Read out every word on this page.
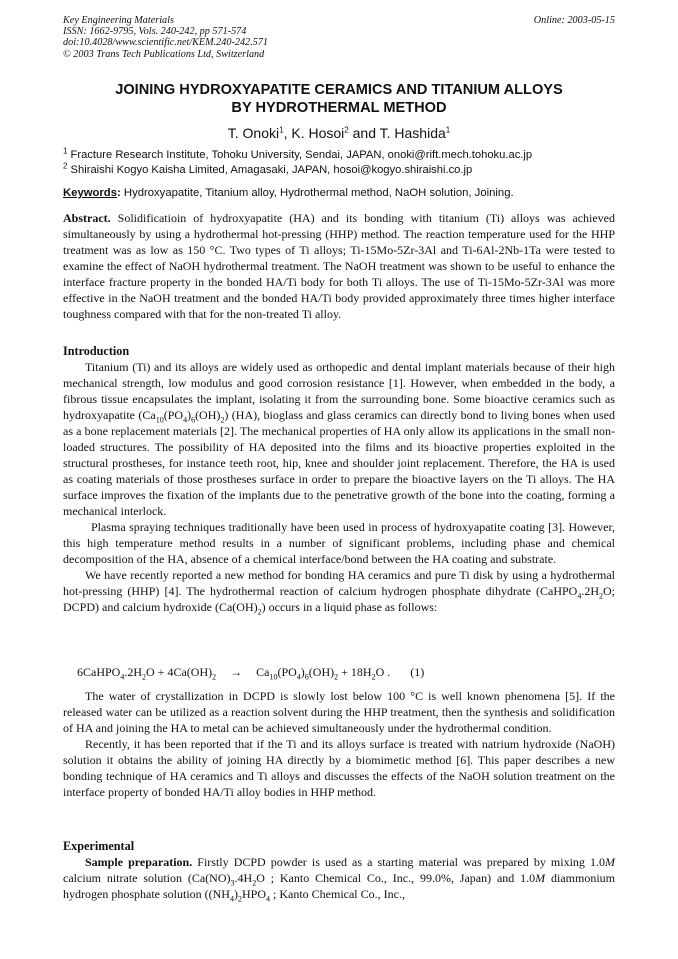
Key Engineering Materials
ISSN: 1662-9795, Vols. 240-242, pp 571-574
doi:10.4028/www.scientific.net/KEM.240-242.571
© 2003 Trans Tech Publications Ltd, Switzerland
Online: 2003-05-15
JOINING HYDROXYAPATITE CERAMICS AND TITANIUM ALLOYS
BY HYDROTHERMAL METHOD
T. Onoki$^1$, K. Hosoi$^2$ and T. Hashida$^1$
$^1$ Fracture Research Institute, Tohoku University, Sendai, JAPAN, onoki@rift.mech.tohoku.ac.jp
$^2$ Shiraishi Kogyo Kaisha Limited, Amagasaki, JAPAN, hosoi@kogyo.shiraishi.co.jp
Keywords: Hydroxyapatite, Titanium alloy, Hydrothermal method, NaOH solution, Joining.

Abstract. Solidificatioin of hydroxyapatite (HA) and its bonding with titanium (Ti) alloys was achieved simultaneously by using a hydrothermal hot-pressing (HHP) method. The reaction temperature used for the HHP treatment was as low as 150 °C. Two types of Ti alloys; Ti-15Mo-5Zr-3Al and Ti-6Al-2Nb-1Ta were tested to examine the effect of NaOH hydrothermal treatment. The NaOH treatment was shown to be useful to enhance the interface fracture property in the bonded HA/Ti body for both Ti alloys. The use of Ti-15Mo-5Zr-3Al was more effective in the NaOH treatment and the bonded HA/Ti body provided approximately three times higher interface toughness compared with that for the non-treated Ti alloy.

Introduction

Titanium (Ti) and its alloys are widely used as orthopedic and dental implant materials because of their high mechanical strength, low modulus and good corrosion resistance [1]. However, when embedded in the body, a fibrous tissue encapsulates the implant, isolating it from the surrounding bone. Some bioactive ceramics such as hydroxyapatite $(Ca_{10}(PO_4)_6(OH)_2)$ (HA), bioglass and glass ceramics can directly bond to living bones when used as a bone replacement materials [2]. The mechanical properties of HA only allow its applications in the small non-loaded structures. The possibility of HA deposited into the films and its bioactive properties exploited in the structural prostheses, for instance teeth root, hip, knee and shoulder joint replacement. Therefore, the HA is used as coating materials of those prostheses surface in order to prepare the bioactive layers on the Ti alloys. The HA surface improves the fixation of the implants due to the penetrative growth of the bone into the coating, forming a mechanical interlock.

Plasma spraying techniques traditionally have been used in process of hydroxyapatite coating [3]. However, this high temperature method results in a number of significant problems, including phase and chemical decomposition of the HA, absence of a chemical interface/bond between the HA coating and substrate.

We have recently reported a new method for bonding HA ceramics and pure Ti disk by using a hydrothermal hot-pressing (HHP) [4]. The hydrothermal reaction of calcium hydrogen phosphate dihydrate ($CaHPO_4.2H_2O$; DCPD) and calcium hydroxide $(Ca(OH)_2)$ occurs in a liquid phase as follows:

$6CaHPO_4.2H_2O + 4Ca(OH)_2 \to Ca_{10}(PO_4)_6(OH)_2 + 18H_2O$ . (1)

The water of crystallization in DCPD is slowly lost below 100 °C is well known phenomena [5]. If the released water can be utilized as a reaction solvent during the HHP treatment, then the synthesis and solidification of HA and joining the HA to metal can be achieved simultaneously under the hydrothermal condition.

Recently, it has been reported that if the Ti and its alloys surface is treated with natrium hydroxide (NaOH) solution it obtains the ability of joining HA directly by a biomimetic method [6]. This paper describes a new bonding technique of HA ceramics and Ti alloys and discusses the effects of the NaOH solution treatment on the interface property of bonded HA/Ti alloy bodies in HHP method.

Experimental

Sample preparation. Firstly DCPD powder is used as a starting material was prepared by mixing 1.0M calcium nitrate solution ($Ca(NO)_3.4H_2O$ ; Kanto Chemical Co., Inc., 99.0%, Japan) and 1.0M diammonium hydrogen phosphate solution ($(NH_4)_2HPO_4$ ; Kanto Chemical Co., Inc.,
